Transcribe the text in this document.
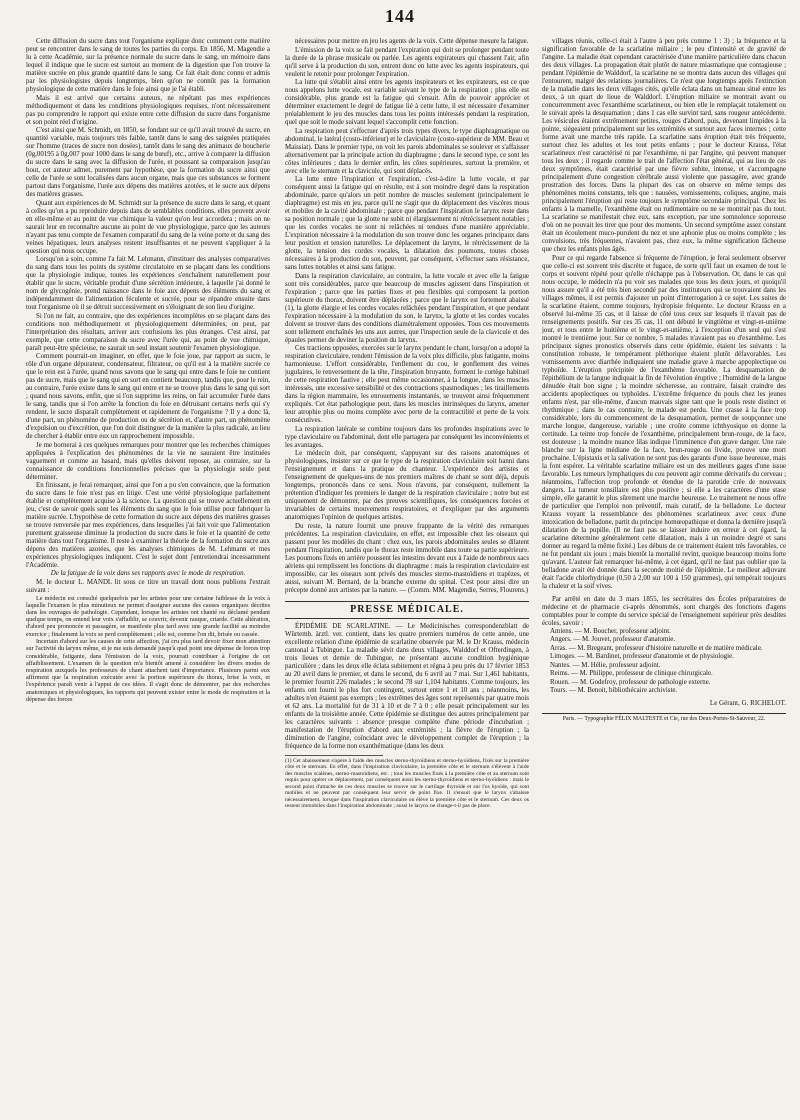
144

Cette diffusion du sucre dans tout l'organisme explique donc comment cette matière peut se rencontrer dans le sang de toutes les parties du corps. En 1856, M. Magendie a lu à cette Académie, sur la présence normale du sucre dans le sang, un mémoire dans lequel il indique que le sucre est surtout au moment de la digestion que l'on trouve la matière sucrée en plus grande quantité dans le sang. Ce fait était donc connu et admis par les physiologistes depuis longtemps, bien qu'on ne connût pas la formation physiologique de cette matière dans le foie ainsi que je l'ai établi.

Mais il est arrivé que certains auteurs, ne répétant pas mes expériences méthodiquement et dans les conditions physiologiques requises, n'ont nécessairement pas pu comprendre le rapport qui existe entre cette diffusion du sucre dans l'organisme et son point réel d'origine.

C'est ainsi que M. Schmidt, en 1850, se fondant sur ce qu'il avait trouvé du sucre, en quantité variable, mais toujours très faible, tantôt dans le sang des saignées pratiquées sur l'homme (traces de sucre non dosées), tantôt dans le sang des animaux de boucherie (0g,00195 à 0g,007 pour 1000 dans le sang de bœuf), etc., arrive à comparer la diffusion du sucre dans le sang avec la diffusion de l'urée, et poussant sa comparaison jusqu'au bout, cet auteur admet, purement par hypothèse, que la formation du sucre ainsi que celle de l'urée se sont localisées dans aucun organe, mais que ces substances se forment partout dans l'organisme, l'urée aux dépens des matières azotées, et le sucre aux dépens des matières grasses.

Quant aux expériences de M. Schmidt sur la présence du sucre dans le sang, et quant à celles qu'on a pu reproduire depuis dans de semblables conditions, elles peuvent avoir en elle-même et au point de vue chimique la valeur qu'on leur accordera ; mais on ne saurait leur en reconnaître aucune au point de vue physiologique, parce que les auteurs n'ayant pas tenu compte de l'examen comparatif du sang de la veine porte et du sang des veines hépatiques, leurs analyses restent insuffisantes et ne peuvent s'appliquer à la question qui nous occupe.

Lorsqu'on a soin, comme l'a fait M. Lehmann, d'instituer des analyses comparatives du sang dans tous les points du système circulatoire en se plaçant dans les conditions que la physiologie indique, toutes les expériences s'enchaînent naturellement pour établir que le sucre, véritable produit d'une sécrétion intérieure, à laquelle j'ai donné le nom de glycogénie, prend naissance dans le foie aux dépens des éléments du sang et indépendamment de l'alimentation féculente et sucrée, pour se répandre ensuite dans tout l'organisme où il se détruit successivement en s'éloignant de son lieu d'origine.

Si l'on ne fait, au contraire, que des expériences incomplètes en se plaçant dans des conditions non méthodiquement et physiologiquement déterminées, on peut, par l'interprétation des résultats, arriver aux confusions les plus étranges. C'est ainsi, par exemple, que cette comparaison du sucre avec l'urée qui, au point de vue chimique, paraît peut-être spécieuse, ne saurait un seul instant soutenir l'examen physiologique.

Comment pourrait-on imaginer, en effet, que le foie joue, par rapport au sucre, le rôle d'un organe dépurateur, condensateur, filtrateur, ou qu'il est à la matière sucrée ce que le rein est à l'urée, quand nous savons que le sang qui entre dans le foie ne contient pas de sucre, mais que le sang qui en sort en contient beaucoup, tandis que, pour le rein, au contraire, l'urée existe dans le sang qui entre et ne se trouve plus dans le sang qui sort ; quand nous savons, enfin, que si l'on supprime les reins, on fait accumuler l'urée dans le sang, tandis que si l'on arrête la fonction du foie en détruisant certains nerfs qui s'y rendent, le sucre disparaît complètement et rapidement de l'organisme ? Il y a donc là, d'une part, un phénomène de production ou de sécrétion et, d'autre part, un phénomène d'expulsion ou d'excrétion, que l'on doit distinguer de la manière la plus radicale, au lieu de chercher à établir entre eux un rapprochement impossible.

Je me bornerai à ces quelques remarques pour montrer que les recherches chimiques appliquées à l'explication des phénomènes de la vie ne sauraient être instituées vaguement et comme au hasard, mais qu'elles doivent reposer, au contraire, sur la connaissance de conditions fonctionnelles précises que la physiologie seule peut déterminer.

En finissant, je ferai remarquer, ainsi que l'on a pu s'en convaincre, que la formation du sucre dans le foie n'est pas en litige. C'est une vérité physiologique parfaitement établie et complètement acquise à la science. La question qui se trouve actuellement en jeu, c'est de savoir quels sont les éléments du sang que le foie utilise pour fabriquer la matière sucrée. L'hypothèse de cette formation du sucre aux dépens des matières grasses se trouve renversée par mes expériences, dans lesquelles j'ai fait voir que l'alimentation purement graisseuse diminue la production du sucre dans le foie et la quantité de cette matière dans tout l'organisme. Il reste à examiner la théorie de la formation du sucre aux dépens des matières azotées, que les analyses chimiques de M. Lehmann et mes expériences physiologiques indiquent. C'est le sujet dont j'entretiendrai incessamment l'Académie.

De la fatigue de la voix dans ses rapports avec le mode de respiration.

M. le docteur L. MANDL lit sous ce titre un travail dont nous publions l'extrait suivant :

Le médecin est consulté quelquefois par les artistes pour une certaine faiblesse de la voix à laquelle l'examen le plus minutieux ne permet d'assigner aucune des causes organiques décrites dans les ouvrages de pathologie. Cependant, lorsque les artistes ont chanté ou déclamé pendant quelque temps, on entend leur voix s'affaiblir, se couvrir, devenir rauque, criarde. Cette altération, d'abord peu prononcée et passagère, se manifeste plus tard avec une grande facilité au moindre exercice ; finalement la voix se perd complètement ; elle est, comme l'on dit, brisée ou cassée.

Incertain d'abord sur les causes de cette affection, j'ai cru plus tard devoir fixer mon attention sur l'activité du larynx même, et je me suis demandé jusqu'à quel point une dépense de forces trop considérable, fatigante, dans l'émission de la voix, pourrait contribuer à l'origine de cet affaiblissement. L'examen de la question m'a bientôt amené à considérer les divers modes de respiration auxquels les professeurs de chant attachent tant d'importance. Plusieurs parmi eux affirment que la respiration exécutée avec la portion supérieure du thorax, brise la voix, et l'expérience paraît venir à l'appui de ces idées. Il s'agit donc de démontrer, par des recherches anatomiques et physiologiques, les rapports qui peuvent exister entre le mode de respiration et la dépense des forces

nécessaires pour mettre en jeu les agents de la voix. Cette dépense mesure la fatigue.

L'émission de la voix se fait pendant l'expiration qui doit se prolonger pendant toute la durée de la phrase musicale ou parlée. Les agents expirateurs qui chassent l'air, afin qu'il serve à la production du son, entrent donc en lutte avec les agents inspirateurs, qui veulent le retenir pour prolonger l'expiration.

La lutte qui s'établit ainsi entre les agents inspirateurs et les expirateurs, est ce que nous appelons lutte vocale, est variable suivant le type de la respiration ; plus elle est considérable, plus grande est la fatigue qui s'ensuit. Afin de pouvoir apprécier et déterminer exactement le degré de fatigue lié à cette lutte, il est nécessaire d'examiner préalablement le jeu des muscles dans tous les points intéressés pendant la respiration, quel que soit le mode suivant lequel s'accomplit cette fonction.

La respiration peut s'effectuer d'après trois types divers, le type diaphragmatique ou abdominal, le latéral (costo-inférieur) et le claviculaire (costo-supérieur de MM. Beau et Maissiat). Dans le premier type, on voit les parois abdominales se soulever et s'affaisser alternativement par la principale action du diaphragme ; dans le second type, ce sont les côtes inférieures ; dans le dernier enfin, les côtes supérieures, surtout la première, et avec elle le sternum et la clavicule, qui sont déplacés.

La lutte entre l'inspiration et l'expiration, c'est-à-dire la lutte vocale, et par conséquent aussi la fatigue qui en résulte, est à son moindre degré dans la respiration abdominale, parce qu'alors un petit nombre de muscles seulement (principalement le diaphragme) est mis en jeu, parce qu'il ne s'agit que du déplacement des viscères mous et mobiles de la cavité abdominale ; parce que pendant l'inspiration le larynx reste dans sa position normale ; que la glotte ne subit ni élargissement ni rétrécissement notables ; que les cordes vocales ne sont ni relâchées ni tendues d'une manière appréciable. L'expiration nécessaire à la modulation du son trouve donc les organes principaux dans leur position et tension naturelles. Le déplacement du larynx, le rétrécissement de la glotte, la tension des cordes vocales, la dilatation des poumons, toutes choses nécessaires à la production du son, peuvent, par conséquent, s'effectuer sans résistance, sans luttes notables et ainsi sans fatigue.

Dans la respiration claviculaire, au contraire, la lutte vocale et avec elle la fatigue sont très considérables, parce que beaucoup de muscles agissent dans l'inspiration et l'expiration ; parce que les parties fixes et peu flexibles qui composent la portion supérieure du thorax, doivent être déplacées ; parce que le larynx est fortement abaissé (1), la glotte élargie et les cordes vocales relâchées pendant l'inspiration, et que pendant l'expiration nécessaire à la modulation du son, le larynx, la glotte et les cordes vocales doivent se trouver dans des conditions diamétralement opposées. Tous ces mouvements sont tellement enchaînés les uns aux autres, que l'inspection seule de la clavicule et des épaules permet de deviner la position du larynx.

Ces tractions opposées, exercées sur le larynx pendant le chant, lorsqu'on a adopté la respiration claviculaire, rendent l'émission de la voix plus difficile, plus fatigante, moins harmonieuse. L'effort considérable, l'enflement du cou, le gonflement des veines jugulaires, le renversement de la tête, l'inspiration bruyante, forment le cortège habituel de cette respiration fautive ; elle peut même occasionner, à la longue, dans les muscles intéressés, une excessive sensibilité et des contractions spasmodiques ; les tiraillements dans la région mammaire, les enrouements instantanés, se trouvent ainsi fréquemment expliqués. Cet état pathologique peut, dans les muscles intrinsèques du larynx, amener leur atrophie plus ou moins complète avec perte de la contractilité et perte de la voix consécutives.

La respiration latérale se combine toujours dans les profondes inspirations avec le type claviculaire ou l'abdominal, dont elle partagera par conséquent les inconvénients et les avantages.

Le médecin doit, par conséquent, s'appuyant sur des raisons anatomiques et physiologiques, insister sur ce que le type de la respiration claviculaire soit banni dans l'enseignement et dans la pratique du chanteur. L'expérience des artistes et l'enseignement de quelques-uns de nos premiers maîtres de chant se sont déjà, depuis longtemps, prononcés dans ce sens. Nous n'avons, par conséquent, nullement la prétention d'indiquer les premiers le danger de la respiration claviculaire ; notre but est uniquement de démontrer, par des preuves scientifiques, les conséquences forcées et invariables de certains mouvements respiratoires, et d'expliquer par des arguments anatomiques l'opinion de quelques artistes.

Du reste, la nature fournit une preuve frappante de la vérité des remarques précédentes. La respiration claviculaire, en effet, est impossible chez les oiseaux qui passent pour les modèles du chant : chez eux, les parois abdominales seules se dilatent pendant l'inspiration, tandis que le thorax reste immobile dans toute sa partie supérieure. Les poumons fixés en arrière poussent les intestins devant eux à l'aide de nombreux sacs aériens qui remplissent les fonctions du diaphragme : mais la respiration claviculaire est impossible, car les oiseaux sont privés des muscles sterno-mastoïdiens et trapèzes, et aussi, suivant M. Bernard, de la branche externe du spinal. C'est pour ainsi dire un précepte donné aux artistes par la nature. — (Comm. MM. Magendie, Serres, Flourens.)

PRESSE MÉDICALE.

ÉPIDÉMIE DE SCARLATINE. — Le Medicinisches correspondenzblatt de Würtemb. ärztl. ver. contient, dans les quatre premiers numéros de cette année, une excellente relation d'une épidémie de scarlatine observée par M. le Dr Krauss, médecin cantonal à Tubingue. La maladie sévit dans deux villages, Walddorf et Ofterdingen, à trois lieues et demie de Tubingue, ne présentant aucune condition hygiénique particulière ; dans les deux elle éclata subitement et régna à peu près du 17 février 1853 au 20 avril dans le premier, et dans le second, du 6 avril au 7 mai. Sur 1,461 habitants, le premier fournit 226 malades ; le second 78 sur 1,104 habitants. Comme toujours, les enfants ont fourni le plus fort contingent, surtout entre 1 et 10 ans ; néanmoins, les adultes n'en étaient pas exempts ; les extrêmes des âges sont représentés par quatre mois et 62 ans. La mortalité fut de 31 à 10 et de 7 à 0 ; elle pesait principalement sur les enfants de la troisième année. Cette épidémie se distingue des autres principalement par les caractères suivants : absence presque complète d'une période d'incubation ; manifestation de l'éruption d'abord aux extrémités ; la fièvre de l'éruption ; la diminution de l'angine, coïncidant avec le développement complet de l'éruption ; la fréquence de la forme non exanthématique (dans les deux

(1) Cet abaissement s'opère à l'aide des muscles sterno-thyroïdiens et sterno-hyoïdiens, fixés sur la première côte et le sternum. En effet, dans l'inspiration claviculaire, la première côte et le sternum s'élèvent à l'aide des muscles scalènes, sterno-mastoïdiens, etc. ; tous les muscles fixés à la première côte et au sternum sont requis pour opérer ce déplacement, par conséquent aussi les sterno-thyroïdiens et sterno-hyoïdiens : mais le second point d'attache de ces deux muscles se trouve sur le cartilage thyroïde et sur l'os hyoïde, qui sont mobiles et ne peuvent par conséquent leur servir de point fixe. Il s'ensuit que le larynx s'abaisse nécessairement, lorsque dans l'inspiration claviculaire on élève la première côte et le sternum. Ces deux os restent immobiles dans l'inspiration abdominale ; aussi le larynx ne change-t-il pas de place.

villages réunis, celle-ci était à l'autre à peu près comme 1 : 3) ; la fréquence et la signification favorable de la scarlatine miliaire ; le peu d'intensité et de gravité de l'angine. La maladie était cependant caractérisée d'une manière particulière dans chacun des deux villages. La propagation était plutôt de nature miasmatique que contagieuse ; pendant l'épidémie de Walddorf, la scarlatine ne se montra dans aucun des villages qui l'entourent, malgré des relations journalières. Ce n'est que longtemps après l'extinction de la maladie dans les deux villages cités, qu'elle éclata dans un hameau situé entre les deux, à un quart de lieue de Walddorf. L'éruption miliaire se montrait avant ou concurremment avec l'exanthème scarlatineux, ou bien elle le remplaçait totalement ou le suivait après la desquamation ; dans 1 cas elle survint tard, sans rougeur antécédente. Les vésicules étaient extrêmement petites, rouges d'abord, puis, devenant limpides à la pointe, siégeaient principalement sur les extrémités et surtout aux faces internes ; cette forme avait une marche très rapide. La scarlatine sans éruption était très fréquente, surtout chez les adultes et les tout petits enfants ; pour le docteur Krauss, l'état scarlatineux n'est caractérisé ni par l'exanthème, ni par l'angine, qui peuvent manquer tous les deux ; il regarde comme le trait de l'affection l'état général, qui au lieu de ces deux symptômes, était caractérisé par une fièvre subite, intense, et s'accompagne principalement d'une congestion cérébrale aussi violente que passagère, avec grande prostration des forces. Dans la plupart des cas on observe en même temps des phénomènes moins constants, tels que : nausées, vomissements, coliques, angine, mais principalement l'éruption qui reste toujours le symptôme secondaire principal. Chez les enfants à la mamelle, l'exanthème était ou rudimentaire ou ne se montrait pas du tout. La scarlatine se manifestait chez eux, sans exception, par une somnolence soporeuse d'où on ne pouvait les tirer que pour des moments. Un second symptôme assez constant était un écoulement muco-purulent du nez et une aphonie plus ou moins complète ; les convulsions, très fréquentes, n'avaient pas, chez eux, la même signification fâcheuse que chez les enfants plus âgés.

Pour ce qui regarde l'absence si fréquente de l'éruption, je ferai seulement observer que celle-ci est souvent très discrète et fugace, de sorte qu'il faut un examen de tout le corps et souvent répété pour qu'elle n'échappe pas à l'observation. Or, dans le cas qui nous occupe, le médecin n'a pu voir ses malades que tous les deux jours, et quoiqu'il nous assure qu'il a été très bien secondé par des instituteurs qui se trouvaient dans les villages mêmes, il est permis d'ajouter un point d'interrogation à ce sujet. Les suites de la scarlatine étaient, comme toujours, hydropisie fréquente. Le docteur Krauss en a observé lui-même 35 cas, et il laisse de côté tous ceux sur lesquels il n'avait pas de renseignements positifs. Sur ces 35 cas, 11 ont débuté le vingtième et vingt-et-unième jour, et tous entre le huitième et le vingt-et-unième, à l'exception d'un seul qui s'est montré le trentième jour. Sur ce nombre, 5 malades n'avaient pas eu d'exanthème. Les principaux signes pronostics observés dans cette épidémie, étaient les suivants : la constitution robuste, le tempérament pléthorique étaient plutôt défavorables. Les vomissements avec diarrhée indiquaient une maladie grave à marche appoplectique ou typhoïde. L'éruption précipitée de l'exanthème favorable. La desquamation de l'épithélium de la langue indiquait la fin de l'évolution éruptive ; l'humidité de la langue dénudée était bon signe ; la moindre sécheresse, au contraire, faisait craindre des accidents apoplectiques ou typhoïdes. L'extrême fréquence du pouls chez les jeunes enfants n'est, par elle-même, d'aucun mauvais signe tant que le pouls reste distinct et rhythmique ; dans le cas contraire, le malade est perdu. Une crasse à la face trop considérable, lors du commencement de la desquamation, permet de soupçonner une marche longue, dangereuse, variable ; une croûte comme ichthyosique en donne la certitude. La teinte trop foncée de l'exanthème, principalement brun-rouge, de la face, est douteuse ; la moindre nuance lilas indique l'imminence d'un grave danger. Une raie blanche sur la ligne médiane de la face, brun-rouge ou livide, prouve une mort prochaine. L'épistaxis et la salivation ne sont pas des garants d'une issue heureuse, mais la font espérer. La véritable scarlatine miliaire est un des meilleurs gages d'une issue favorable. Les tumeurs lymphatiques du cou peuvent agir comme dérivatifs du cerveau ; néanmoins, l'affection trop profonde et étendue de la parotide crée de nouveaux dangers. La tumeur tonsillaire est plus positive ; si elle a les caractères d'une stase simple, elle garantit le plus sûrement une marche heureuse. Le traitement ne nous offre de particulier que l'emploi non préventif, mais curatif, de la belladone. Le docteur Krauss voyant la ressemblance des phénomènes scarlatineux avec ceux d'une intoxication de belladone, partit du principe homœopathique et donna la dernière jusqu'à dilatation de la pupille. (Il ne faut pas se laisser induire en erreur à cet égard, la scarlatine détermine généralement cette dilatation, mais à un moindre degré et sans donner au regard la même fixité.) Les débuts de ce traitement étaient très favorables, ce ne fut pendant six jours ; mais bientôt la mortalité revint, quoique beaucoup moins forte qu'avant. L'auteur fait remarquer lui-même, à cet égard, qu'il ne faut pas oublier que la belladone avait été donnée dans la seconde moitié de l'épidémie. Le meilleur adjuvant était l'acide chlorhydrique (0,50 à 2,00 sur 100 à 150 grammes), qui tempérait toujours la chaleur et la soif vives.

Par arrêté en date du 3 mars 1855, les secrétaires des Écoles préparatoires de médecine et de pharmacie ci-après dénommés, sont chargés des fonctions d'agens comptables pour le compte du service spécial de l'enseignement supérieur près desdites écoles, savoir :

Amiens. — M. Boucher, professeur adjoint.

Angers. — M. Jouvet, professeur d'anatomie.

Arras. — M. Bregeant, professeur d'histoire naturelle et de matière médicale.

Limoges. — M. Bardinet, professeur d'anatomie et de physiologie.

Nantes. — M. Hélie, professeur adjoint.

Reims. — M. Philippe, professeur de clinique chirurgicale.

Rouen. — M. Godefroy, professeur de pathologie externe.

Tours. — M. Benoit, bibliothécaire archiviste.

Le Gérant, G. RICHELOT.
Paris. — Typographie FÉLIX MALTESTE et Cie, rue des Deux-Portes-St-Sauveur, 22.
